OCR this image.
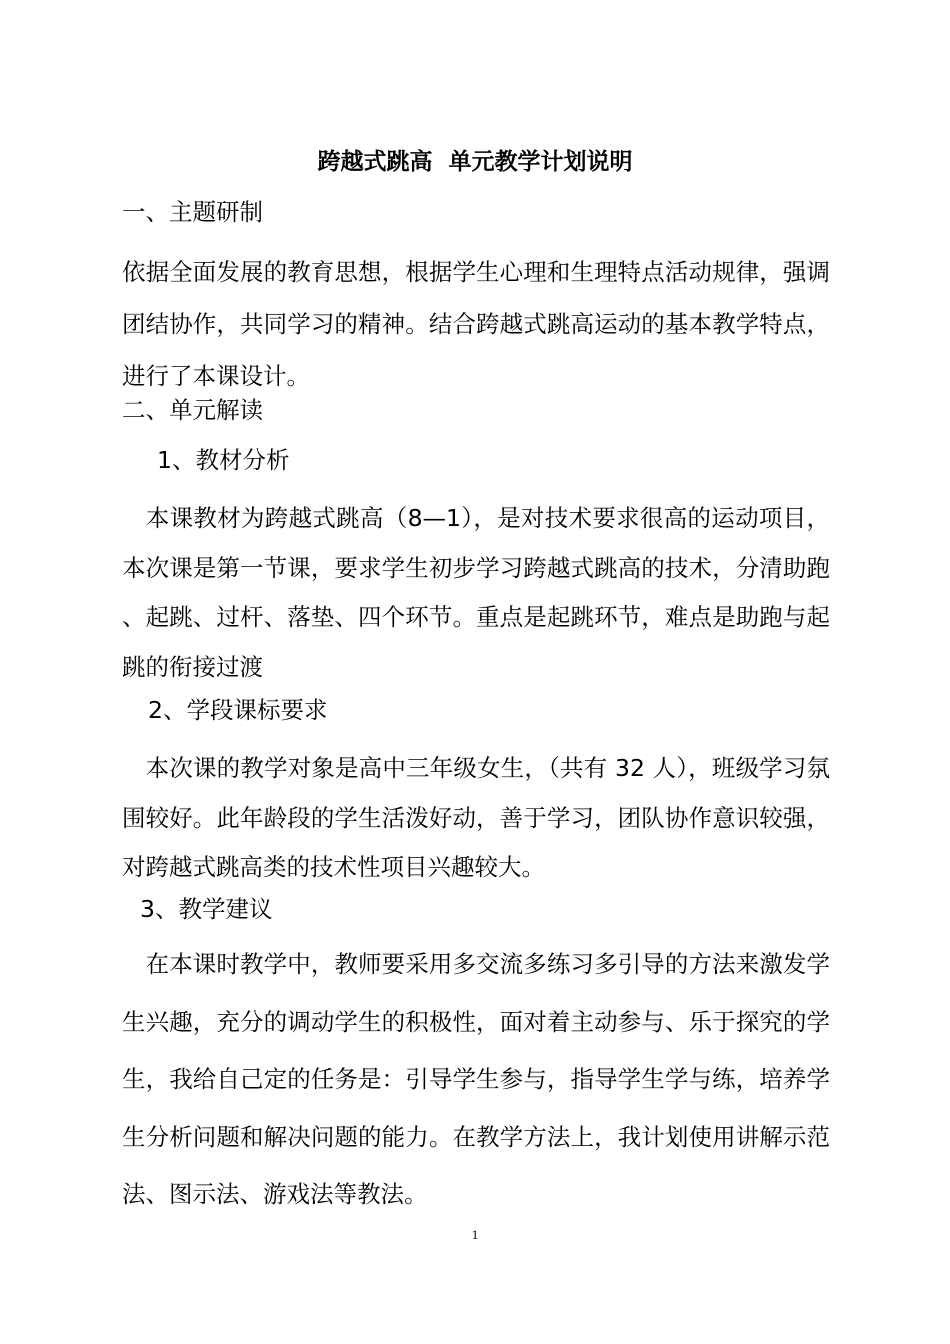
跨越式跳高  单元教学计划说明

一、主题研制

依据全面发展的教育思想，根据学生心理和生理特点活动规律，强调团结协作，共同学习的精神。结合跨越式跳高运动的基本教学特点，进行了本课设计。

二、单元解读

1、教材分析

　本课教材为跨越式跳高（8—1），是对技术要求很高的运动项目，本次课是第一节课，要求学生初步学习跨越式跳高的技术，分清助跑、起跳、过杆、落垫、四个环节。重点是起跳环节，难点是助跑与起跳的衔接过渡

2、学段课标要求

　本次课的教学对象是高中三年级女生，（共有 32 人），班级学习氛围较好。此年龄段的学生活泼好动，善于学习，团队协作意识较强，对跨越式跳高类的技术性项目兴趣较大。

3、教学建议

　在本课时教学中，教师要采用多交流多练习多引导的方法来激发学生兴趣，充分的调动学生的积极性，面对着主动参与、乐于探究的学生，我给自己定的任务是：引导学生参与，指导学生学与练，培养学生分析问题和解决问题的能力。在教学方法上，我计划使用讲解示范法、图示法、游戏法等教法。

1
